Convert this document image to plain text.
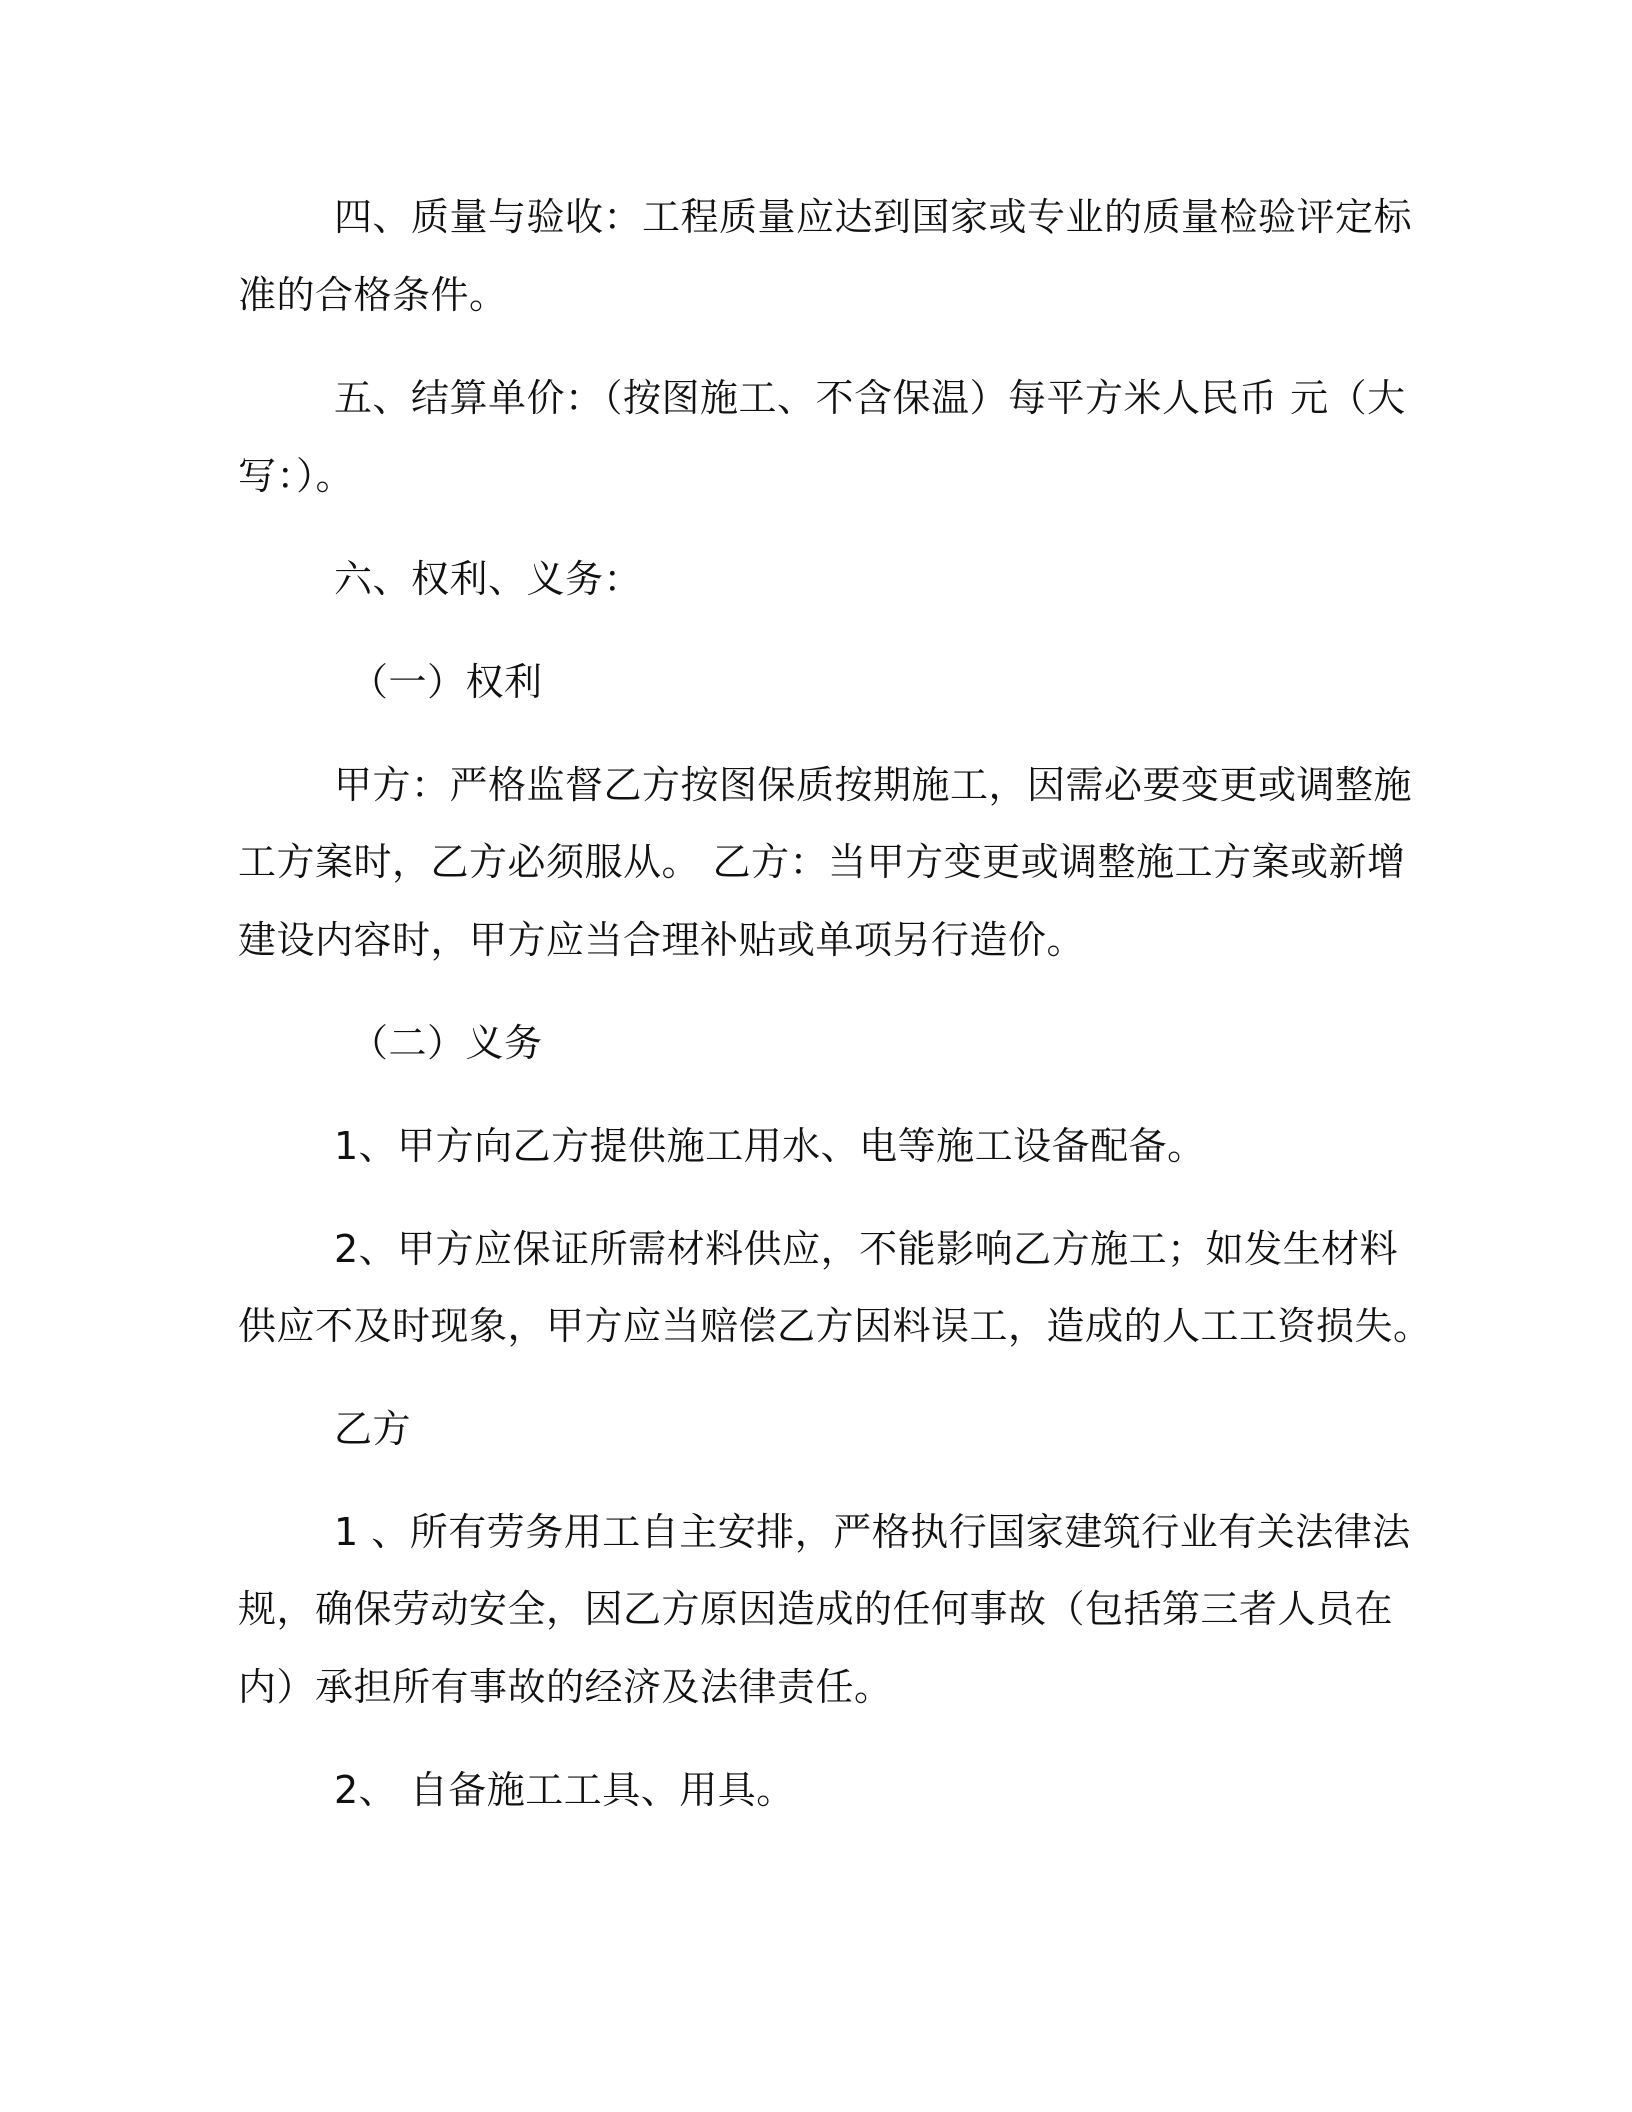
四、质量与验收：工程质量应达到国家或专业的质量检验评定标
准的合格条件。
五、结算单价：（按图施工、不含保温）每平方米人民币 元（大
写：）。
六、权利、义务：
（一）权利
甲方：严格监督乙方按图保质按期施工，因需必要变更或调整施
工方案时，乙方必须服从。 乙方：当甲方变更或调整施工方案或新增
建设内容时，甲方应当合理补贴或单项另行造价。
（二）义务
1、甲方向乙方提供施工用水、电等施工设备配备。
2、甲方应保证所需材料供应，不能影响乙方施工；如发生材料
供应不及时现象，甲方应当赔偿乙方因料误工，造成的人工工资损失。
乙方
1 、所有劳务用工自主安排，严格执行国家建筑行业有关法律法
规，确保劳动安全，因乙方原因造成的任何事故（包括第三者人员在
内）承担所有事故的经济及法律责任。
2、 自备施工工具、用具。
